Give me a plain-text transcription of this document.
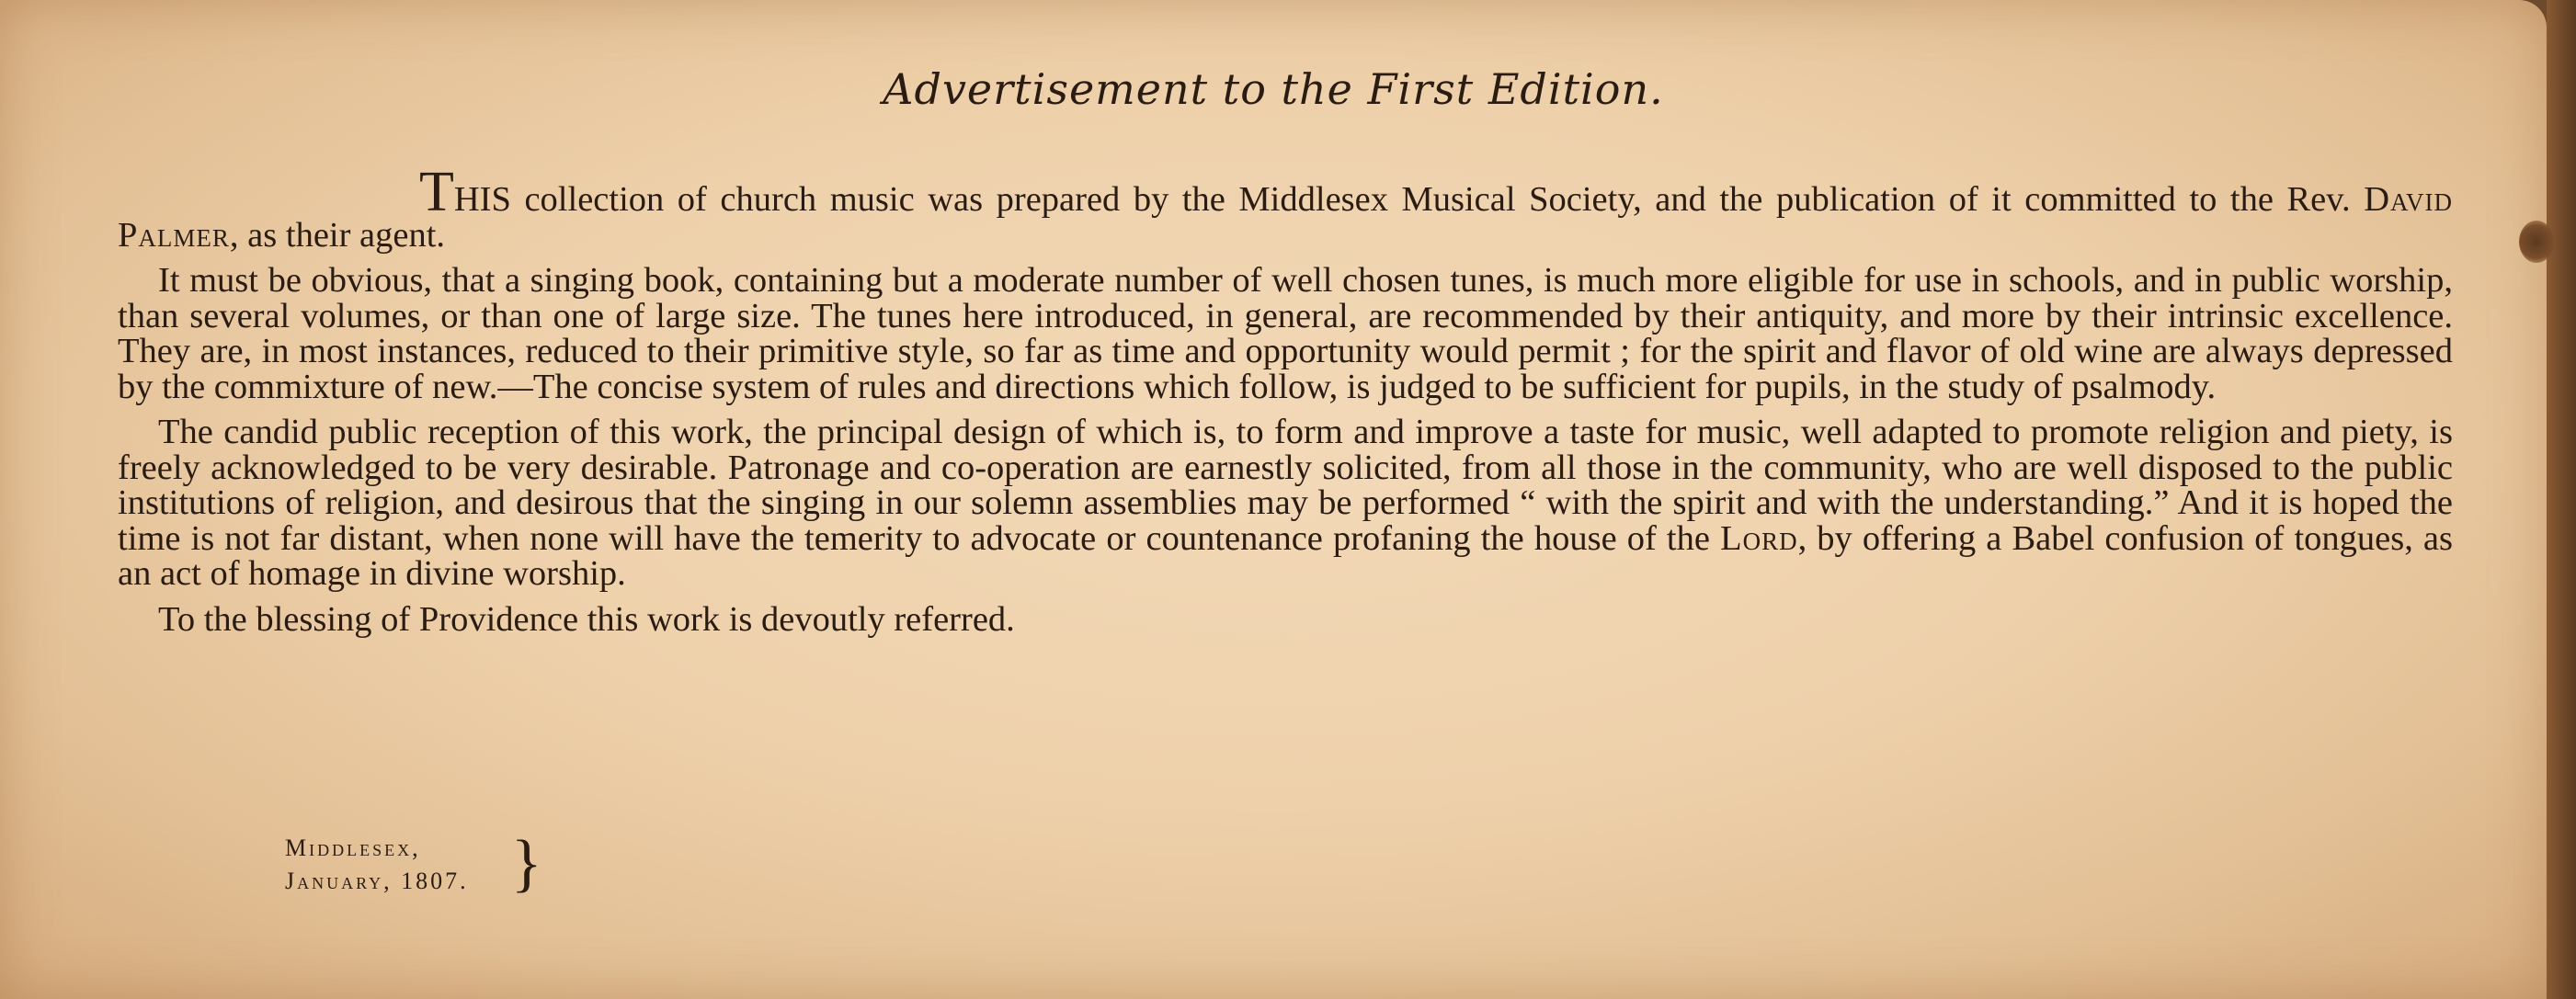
Advertisement to the First Edition.

THIS collection of church music was prepared by the Middlesex Musical Society, and the publication of it committed to the Rev. David Palmer, as their agent.

It must be obvious, that a singing book, containing but a moderate number of well chosen tunes, is much more eligible for use in schools, and in public worship, than several volumes, or than one of large size. The tunes here introduced, in general, are recommended by their antiquity, and more by their intrinsic excellence. They are, in most instances, reduced to their primitive style, so far as time and opportunity would permit ; for the spirit and flavor of old wine are always depressed by the commixture of new.—The concise system of rules and directions which follow, is judged to be sufficient for pupils, in the study of psalmody.

The candid public reception of this work, the principal design of which is, to form and improve a taste for music, well adapted to promote religion and piety, is freely acknowledged to be very desirable. Patronage and co-operation are earnestly solicited, from all those in the community, who are well disposed to the public institutions of religion, and desirous that the singing in our solemn assemblies may be performed “ with the spirit and with the understanding.” And it is hoped the time is not far distant, when none will have the temerity to advocate or countenance profaning the house of the Lord, by offering a Babel confusion of tongues, as an act of homage in divine worship.

To the blessing of Providence this work is devoutly referred.

Middlesex,
January, 1807. }
